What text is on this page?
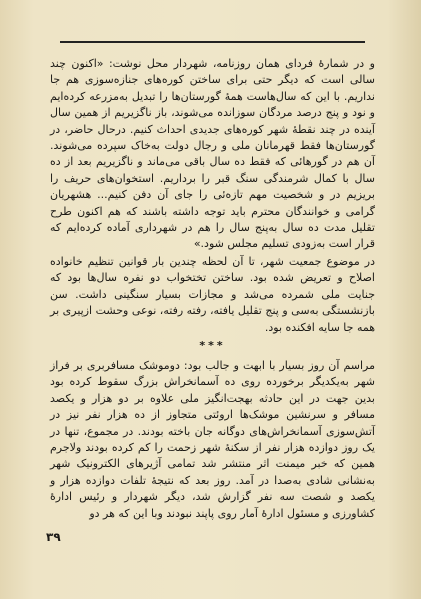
و در شمارهٔ فردای همان روزنامه، شهردار محل نوشت: «اکنون چند سالی است که دیگر حتی برای ساختن کوره‌های جنازه‌سوزی هم جا نداریم. با این که سال‌هاست همهٔ گورستان‌ها را تبدیل به‌مزرعه کرده‌ایم و نود و پنج درصد مردگان سوزانده می‌شوند، باز ناگزیریم از همین سال آینده در چند نقطهٔ شهر کوره‌های جدیدی احداث کنیم. درحال حاضر، در گورستان‌ها فقط قهرمانان ملی و رجال دولت به‌خاک سپرده می‌شوند. آن هم در گورهائی که فقط ده سال باقی می‌ماند و ناگزیریم بعد از ده سال با کمال شرمندگی سنگ قبر را برداریم. استخوان‌های حریف را بریزیم در و شخصیت مهم تازه‌ئی را جای آن دفن کنیم... هشهریان گرامی و خوانندگان محترم باید توجه داشته باشند که هم اکنون طرح تقلیل مدت ده سال به‌پنج سال را هم در شهرداری آماده کرده‌ایم که قرار است به‌زودی تسلیم مجلس شود.»

در موضوع جمعیت شهر، تا آن لحظه چندین بار قوانین تنظیم خانواده اصلاح و تعریض شده بود. ساختن تختخواب دو نفره سال‌ها بود که جنایت ملی شمرده می‌شد و مجازات بسیار سنگینی داشت. سن بازنشستگی به‌سی و پنج تقلیل یافته، رفته رفته، نوعی وحشت ازپیری بر همه جا سایه افکنده بود.

***

مراسم آن روز بسیار با ابهت و جالب بود: دوموشک مسافربری بر فراز شهر به‌یکدیگر برخورده روی ده آسمانخراش بزرگ سقوط کرده بود بدین جهت در این حادثه بهجت‌انگیز ملی علاوه بر دو هزار و یکصد مسافر و سرنشین موشک‌ها اروئتی متجاوز از ده هزار نفر نیز در آتش‌سوزی آسمانخراش‌های دوگانه جان باخته بودند. در مجموع، تنها در یک روز دوازده هزار نفر از سکنهٔ شهر زحمت را کم کرده بودند ولاجرم همین که خبر میمنت اثر منتشر شد تمامی آژیرهای الکترونیک شهر به‌نشانی شادی به‌صدا در آمد. روز بعد که نتیجهٔ تلفات دوازده هزار و یکصد و شصت سه نفر گزارش شد، دیگر شهردار و رئیس ادارهٔ کشاورزی و مسئول ادارهٔ آمار روی پاپند نبودند وبا این که هر دو

۳۹
